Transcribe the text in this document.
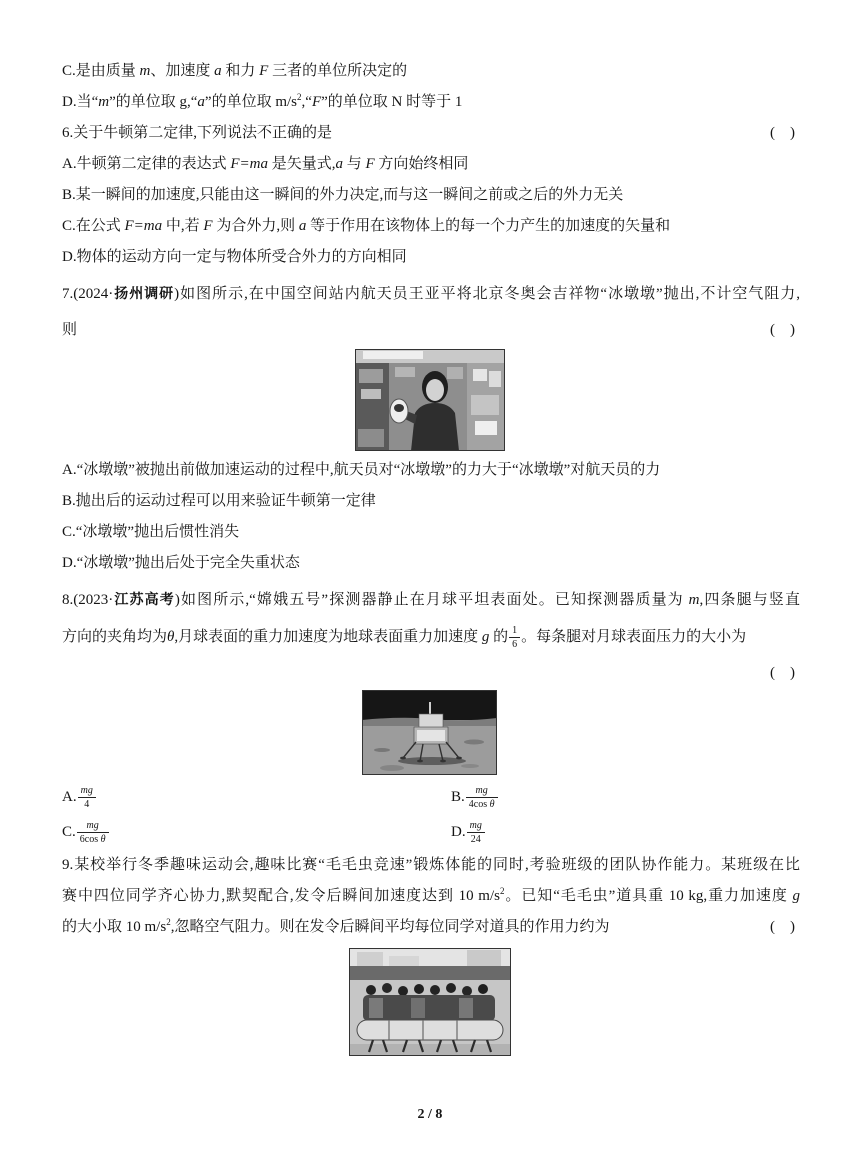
C.是由质量 m、加速度 a 和力 F 三者的单位所决定的
D.当“m”的单位取 g,“a”的单位取 $m/s^2,“F$”的单位取 N 时等于 1
6.关于牛顿第二定律,下列说法不正确的是	(    )
A.牛顿第二定律的表达式 F=ma 是矢量式,a 与 F 方向始终相同
B.某一瞬间的加速度,只能由这一瞬间的外力决定,而与这一瞬间之前或之后的外力无关
C.在公式 F=ma 中,若 F 为合外力,则 a 等于作用在该物体上的每一个力产生的加速度的矢量和
D.物体的运动方向一定与物体所受合外力的方向相同
7.(2024·扬州调研)如图所示,在中国空间站内航天员王亚平将北京冬奥会吉祥物“冰墩墩”抛出,不计空气阻力,
则	(    )
A.“冰墩墩”被抛出前做加速运动的过程中,航天员对“冰墩墩”的力大于“冰墩墩”对航天员的力
B.抛出后的运动过程可以用来验证牛顿第一定律
C.“冰墩墩”抛出后惯性消失
D.“冰墩墩”抛出后处于完全失重状态
8.(2023·江苏高考)如图所示,“嫦娥五号”探测器静止在月球平坦表面处。已知探测器质量为 m,四条腿与竖直
方向的夹角均为θ,月球表面的重力加速度为地球表面重力加速度 g 的 $\frac{1}{6}$ 。每条腿对月球表面压力的大小为
(    )
A. $\frac{mg}{4}$	B. $\frac{mg}{\text{4cos θ}}$
C. $\frac{mg}{\text{6cos θ}}$	D. $\frac{mg}{24}$
9.某校举行冬季趣味运动会,趣味比赛“毛毛虫竞速”锻炼体能的同时,考验班级的团队协作能力。某班级在比
赛中四位同学齐心协力,默契配合,发令后瞬间加速度达到 10 $m/s^2$。已知“毛毛虫”道具重 10 kg,重力加速度 g
的大小取 10 $m/s^2$,忽略空气阻力。则在发令后瞬间平均每位同学对道具的作用力约为	(    )
2 / 8
